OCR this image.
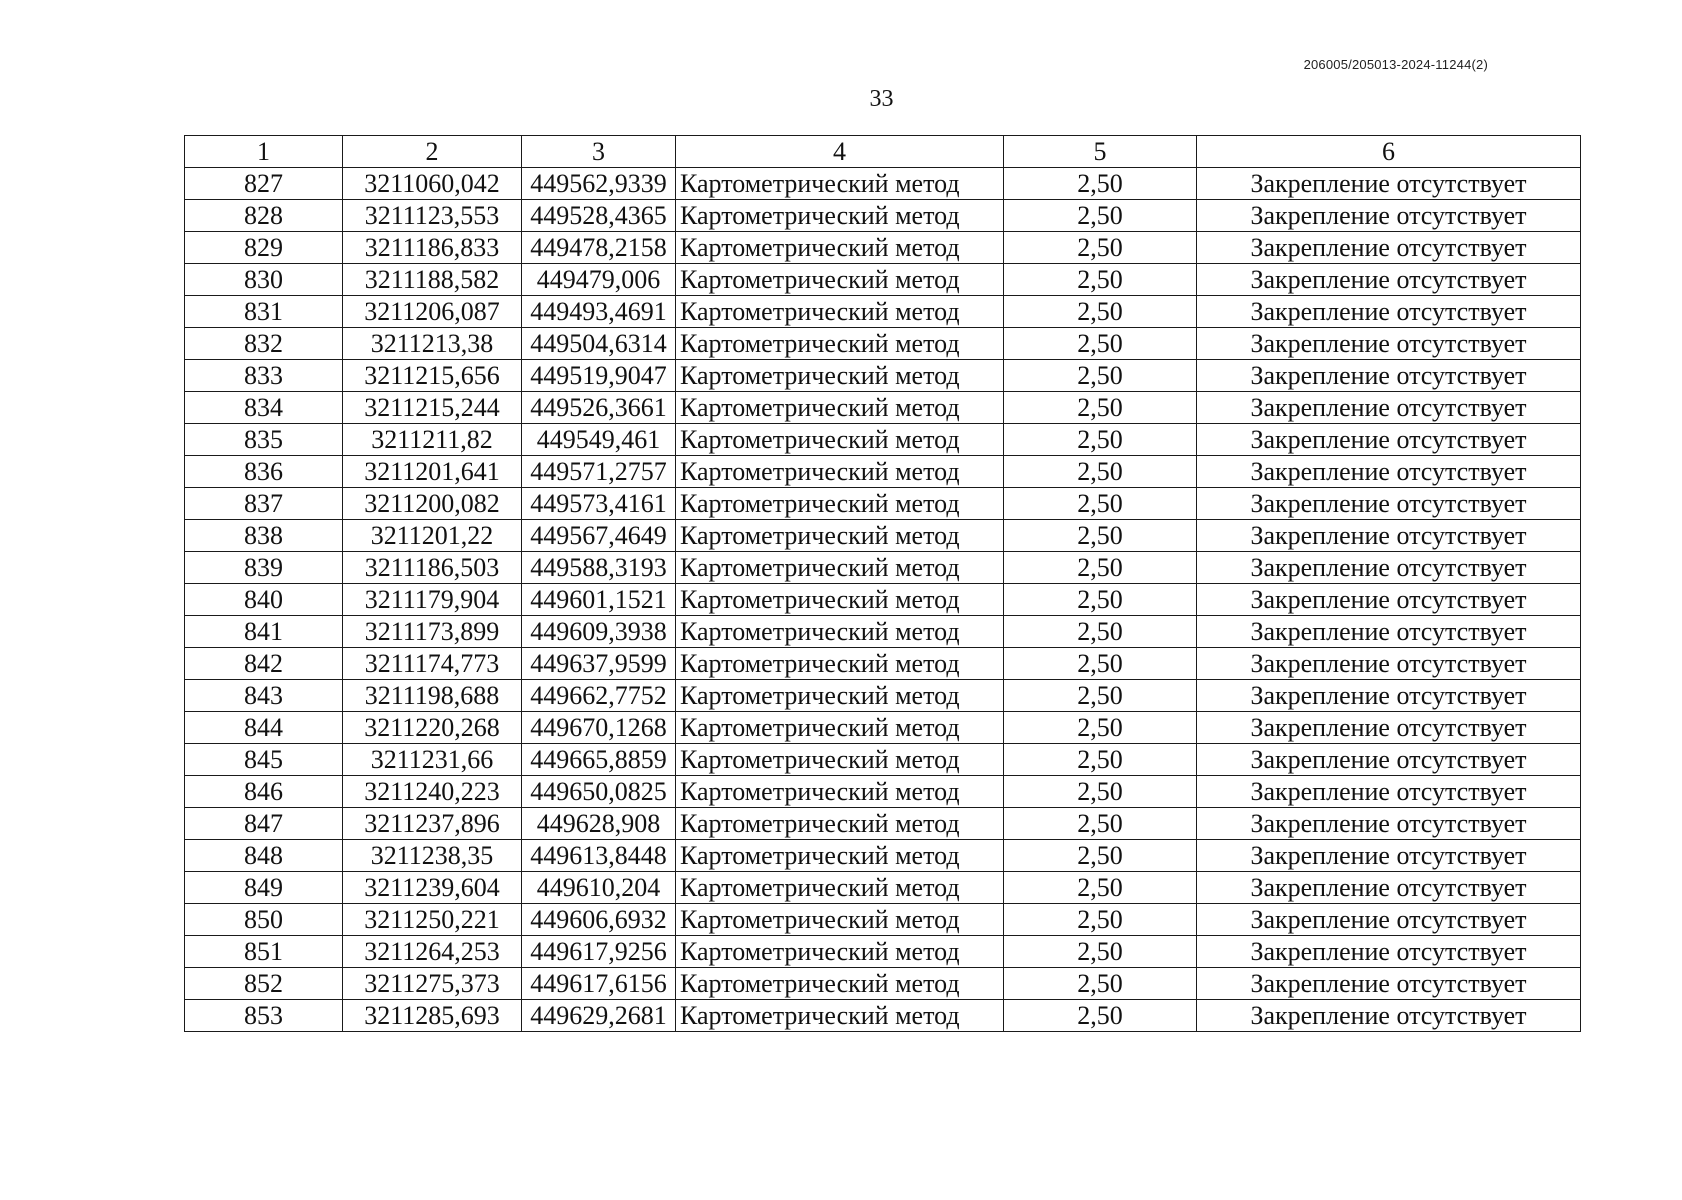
206005/205013-2024-11244(2)
33
1	2	3	4	5	6
827	3211060,042	449562,9339	Картометрический метод	2,50	Закрепление отсутствует
828	3211123,553	449528,4365	Картометрический метод	2,50	Закрепление отсутствует
829	3211186,833	449478,2158	Картометрический метод	2,50	Закрепление отсутствует
830	3211188,582	449479,006	Картометрический метод	2,50	Закрепление отсутствует
831	3211206,087	449493,4691	Картометрический метод	2,50	Закрепление отсутствует
832	3211213,38	449504,6314	Картометрический метод	2,50	Закрепление отсутствует
833	3211215,656	449519,9047	Картометрический метод	2,50	Закрепление отсутствует
834	3211215,244	449526,3661	Картометрический метод	2,50	Закрепление отсутствует
835	3211211,82	449549,461	Картометрический метод	2,50	Закрепление отсутствует
836	3211201,641	449571,2757	Картометрический метод	2,50	Закрепление отсутствует
837	3211200,082	449573,4161	Картометрический метод	2,50	Закрепление отсутствует
838	3211201,22	449567,4649	Картометрический метод	2,50	Закрепление отсутствует
839	3211186,503	449588,3193	Картометрический метод	2,50	Закрепление отсутствует
840	3211179,904	449601,1521	Картометрический метод	2,50	Закрепление отсутствует
841	3211173,899	449609,3938	Картометрический метод	2,50	Закрепление отсутствует
842	3211174,773	449637,9599	Картометрический метод	2,50	Закрепление отсутствует
843	3211198,688	449662,7752	Картометрический метод	2,50	Закрепление отсутствует
844	3211220,268	449670,1268	Картометрический метод	2,50	Закрепление отсутствует
845	3211231,66	449665,8859	Картометрический метод	2,50	Закрепление отсутствует
846	3211240,223	449650,0825	Картометрический метод	2,50	Закрепление отсутствует
847	3211237,896	449628,908	Картометрический метод	2,50	Закрепление отсутствует
848	3211238,35	449613,8448	Картометрический метод	2,50	Закрепление отсутствует
849	3211239,604	449610,204	Картометрический метод	2,50	Закрепление отсутствует
850	3211250,221	449606,6932	Картометрический метод	2,50	Закрепление отсутствует
851	3211264,253	449617,9256	Картометрический метод	2,50	Закрепление отсутствует
852	3211275,373	449617,6156	Картометрический метод	2,50	Закрепление отсутствует
853	3211285,693	449629,2681	Картометрический метод	2,50	Закрепление отсутствует
